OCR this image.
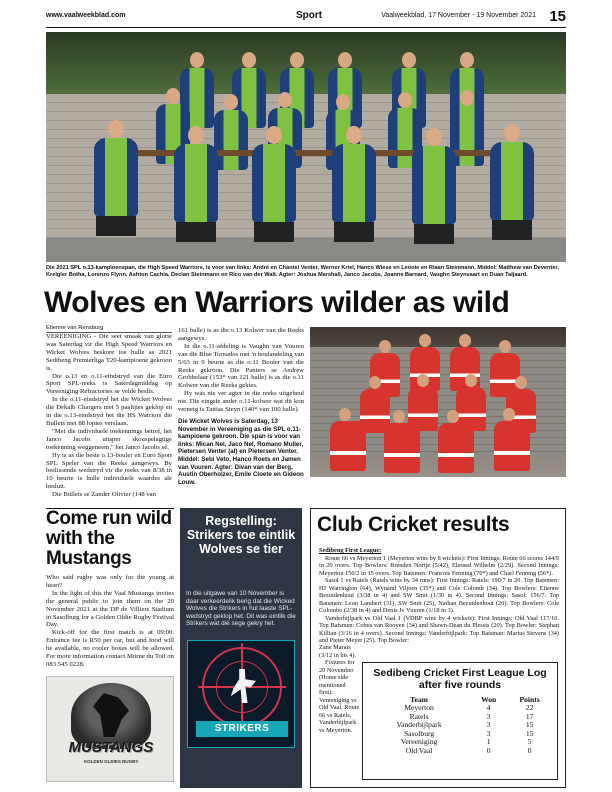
www.vaalweekblad.com	Sport	Vaalweekblad, 17 November - 19 November 2021 15
Die 2021 SPL o.13-kampioenspan, die High Speed Warriors, is voor van links: André en Chantel Venter, Werner Kriel, Hanco Wiese en Leonie en Riaan Steinmann. Middel: Matthew van Deventer, Kreigler Botha, Lorenzo Flynn, Ashton Cachia, Declan Steinmann en Rico van der Walt. Agter: Joshua Marshall, Janco Jacobs, Joanne Barnard, Vaughn Steynvaart en Duan Taljaard.
Wolves en Warriors wilder as wild
Etienne van Rensburg

VEREENIGING - Die seet smaak van glorie was Saterdag vir die High Speed Warriors en Wicket Wolves beskore toe hulle as 2021 Sedibeng Premierliga T20-kampioene gekroon is.

Die o.13 en o.11-eindstryd van die Euro Sport SPL-reeks is Saterdagmiddag op Vereeniging Refractories se velde beslis.

In die o.11-eindstryd het die Wicket Wolves die Dekalb Chargers met 5 paaltjies geklop en in die o.13-eindstryd het die HS Warriors die Bullets met 88 lopies verslaan.

"Met die individuele toekennings betref, het Janco Jacobs uitsper skouspelagtige toekenning weggeneem," het Janco Jacobs sê.

Hy is as die beste o.13-bouler en Euro Sport SPL Speler van die Reeks aangewys. By beslissende wedstryd vir die reeks van 8/38 in 10 beurte is hulle individuele waardes ale besluit.

Die Bullets se Zander Olivier (148 van

161 balle) is as die o.13 Kolwer van die Reeks aangewys.

In die o.11-afdeling is Vaughn van Vuuren van die Blue Tornados met 'n boulandeling van 5/63 in 9 beurte as die o.11 Bouler van die Reeks gekroon. Die Panters se Andrew Grobbelaar (153* van 121 balle) is as die o.11 Kolwer van die Reeks gekies.

Hy was nie ver agter in die reeks uitgebeul nie. Die eingste ander o.11-kolwer wat dit kon verneig is Tattias Steyn (140* van 100 balle).

Die Wicket Wolves is Saterdag, 13 November in Vereeniging as die SPL o.11-kampioene gekroon. Die span is voor van links: Mican Nel, Jaco Nel, Romano Muller, Pietersen Venter (al) en Pietersen Venter. Middel: Sebi Veto, Hanco Roets en Jamen van Vuuren. Agter: Divan van der Berg, Austin Oberholzer, Emile Cloete en Gideon Louw.

Come run wild with the Mustangs

Who said rugby was only for the young at heart?

In the light of this the Vaal Mustangs invites the general public to join them on the 20 November 2021 at the DP de Villiers Stadium in Sasolburg for a Golden Oldie Rugby Festival Day.

Kick-off for the first match is at 09:00. Entrance fee is R50 per car, but and food will be available, no cooler boxes will be allowed. For more information contact Morne du Toit on 083 545 0228.

MUSTANGS
GOLDEN OLDIES RUGBY
Regstelling: Strikers toe eintlik Wolves se tier
In die uitgawe van 10 November is daar verkeerdelik berig dat die Wicked Wolves die Strikers in hul laaste SPL-wedstryd geklop het. Dit was eintlik die Strikers wat dié sege gekry het.
STRIKERS
Club Cricket results

Sedibeng First League:

Route 66 vs Meyerton 1 (Meyerton wins by 8 wickets): First Innings: Route 66 scores 144/9 in 20 overs. Top Bowlers: Brenden Nortje (5/42), Elessed Wilhelm (2/29). Second Innings: Meyerton 150/2 in 15 overs. Top Batsmen: Francois Fenning (70*) and Charl Fenning (56*).

Sasol 1 vs Ratels (Ratels wins by 34 runs): First Innings: Ratels: 190/7 in 20. Top Batsmen: HJ Warrington (64), Wynand Viljoen (35*) and Cole Colomb (34). Top Bowlers: Etienne Bezuidenhout (3/38 in 4) and SW Smit (1/30 in 4). Second Innings: Sasol: 156/7. Top Batsmen: Leon Lambert (31), SW Smit (25), Nathan Bezuidenhout (20). Top Bowlers: Cole Colombo (2/38 in 4) and Denis Jv Vuuren (1/18 in 3).

Vanderbijlpark vs Old Vaal 1 (VDBP wins by 4 wickets): First Innings: Old Vaal 117/10. Top Batsmen: Cobus van Rooyen (34) and Shawn-Dean du Plessis (20). Top Bowler: Stephan Killian (3/16 in 4 overs). Second Innings: Vanderbijlpark: Top Batsman: Marius Stevens (34) and Pieter Meyer (25). Top Bowler:

Zane Marais (3/12 in his 4).

Fixtures for 20 November (Home side mentioned first):

Vereeniging vs Old Vaal, Route 66 vs Ratels, Vanderbijlpark vs Meyerton.

Sedibeng Cricket First League Log after five rounds
Team	Won	Points
Meyerton	4	22
Ratels	3	17
Vanderbijlpark	3	15
Sasolburg	3	15
Vereeniging	1	5
Old Vaal	0	0
